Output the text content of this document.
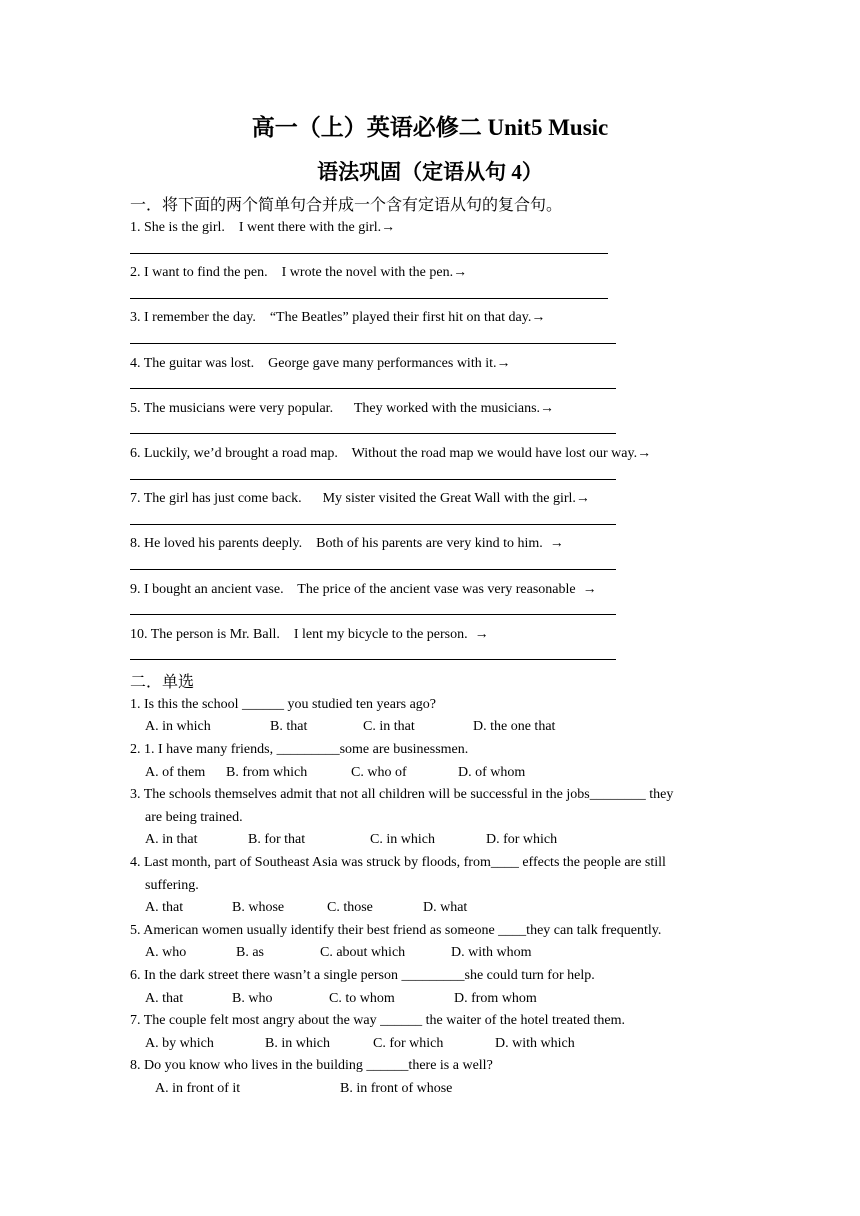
高一（上）英语必修二 Unit5 Music
语法巩固（定语从句 4）
一．将下面的两个简单句合并成一个含有定语从句的复合句。
1. She is the girl.    I went there with the girl.→
2. I want to find the pen.    I wrote the novel with the pen.→
3. I remember the day.    “The Beatles” played their first hit on that day.→
4. The guitar was lost.    George gave many performances with it.→
5. The musicians were very popular.      They worked with the musicians.→
6. Luckily, we’d brought a road map.    Without the road map we would have lost our way.→
7. The girl has just come back.      My sister visited the Great Wall with the girl.→
8. He loved his parents deeply.    Both of his parents are very kind to him.  →
9. I bought an ancient vase.    The price of the ancient vase was very reasonable  →
10. The person is Mr. Ball.    I lent my bicycle to the person.  →
二．单选
1. Is this the school ______ you studied ten years ago?
A. in which	B. that	C. in that	D. the one that
2. 1. I have many friends, _________some are businessmen.
A. of them B. from which	C. who of	D. of whom
3. The schools themselves admit that not all children will be successful in the jobs________ they
are being trained.
A. in that	B. for that	C. in which	D. for which
4. Last month, part of Southeast Asia was struck by floods, from____ effects the people are still
suffering.
A. that	B. whose	C. those	D. what
5. American women usually identify their best friend as someone ____they can talk frequently.
A. who	B. as	C. about which	D. with whom
6. In the dark street there wasn’t a single person _________she could turn for help.
A. that	B. who	C. to whom	D. from whom
7. The couple felt most angry about the way ______ the waiter of the hotel treated them.
A. by which	B. in which	C. for which	D. with which
8. Do you know who lives in the building ______there is a well?
A. in front of it	B. in front of whose
